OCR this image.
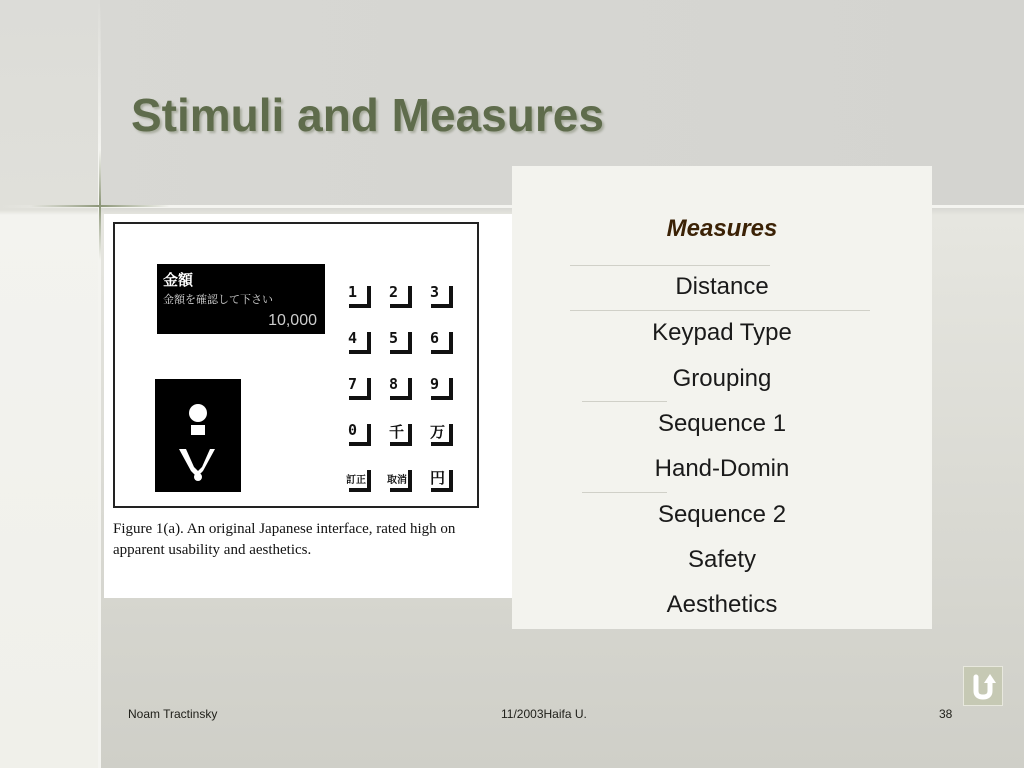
Stimuli and Measures
金額
金額を確認して下さい
10,000
1 2 3
4 5 6
7 8 9
0 千 万
訂正 取消 円
Figure 1(a). An original Japanese interface, rated high on apparent usability and aesthetics.
Measures
Distance
Keypad Type
Grouping
Sequence 1
Hand-Domin
Sequence 2
Safety
Aesthetics
Noam Tractinsky	11/2003Haifa U.	38
